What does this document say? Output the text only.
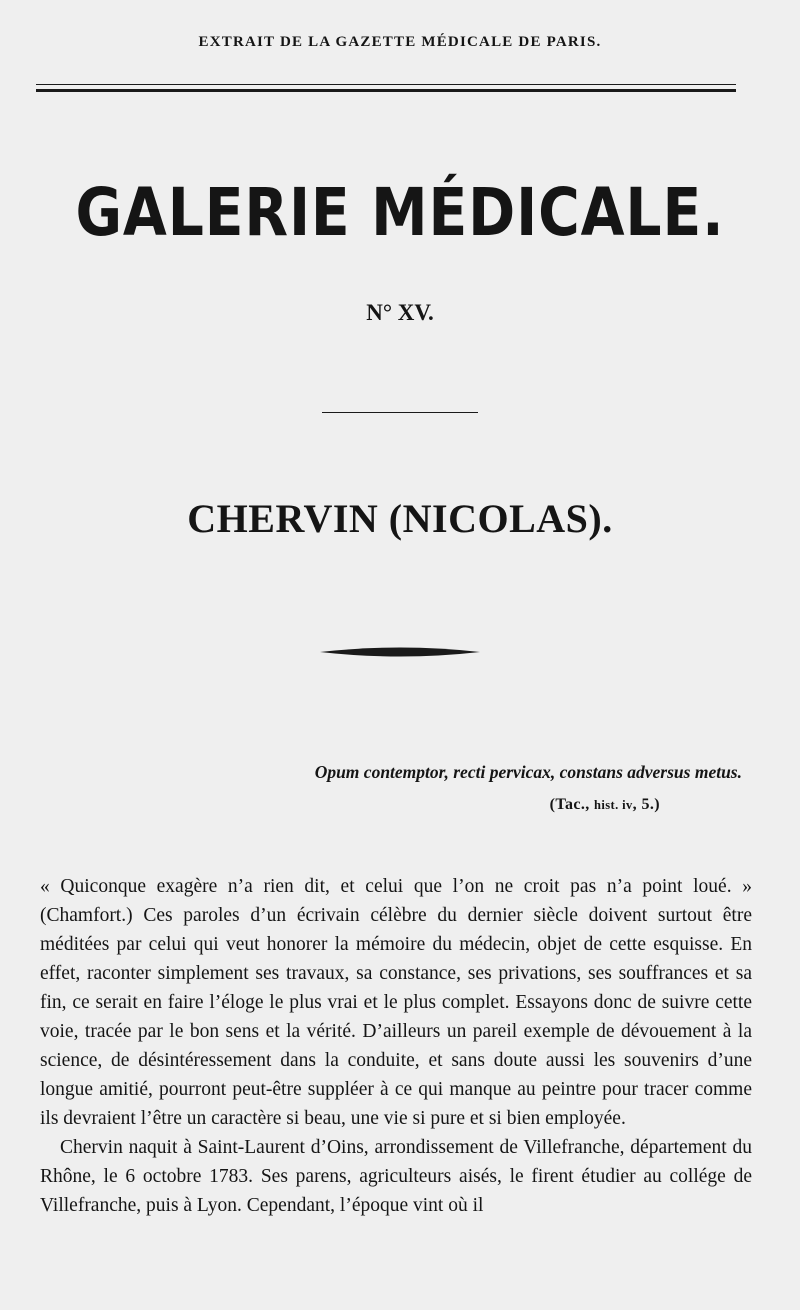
EXTRAIT DE LA GAZETTE MÉDICALE DE PARIS.
GALERIE MÉDICALE.
N° XV.
CHERVIN (NICOLAS).
Opum contemptor, recti pervicax, constans adversus metus.
(Tac., hist. iv, 5.)

« Quiconque exagère n’a rien dit, et celui que l’on ne croit pas n’a point loué. » (Chamfort.) Ces paroles d’un écrivain célèbre du dernier siècle doivent surtout être méditées par celui qui veut honorer la mémoire du médecin, objet de cette esquisse. En effet, raconter simplement ses travaux, sa constance, ses privations, ses souffrances et sa fin, ce serait en faire l’éloge le plus vrai et le plus complet. Essayons donc de suivre cette voie, tracée par le bon sens et la vérité. D’ailleurs un pareil exemple de dévouement à la science, de désintéressement dans la conduite, et sans doute aussi les souvenirs d’une longue amitié, pourront peut-être suppléer à ce qui manque au peintre pour tracer comme ils devraient l’être un caractère si beau, une vie si pure et si bien employée.

Chervin naquit à Saint-Laurent d’Oins, arrondissement de Villefranche, département du Rhône, le 6 octobre 1783. Ses parens, agriculteurs aisés, le firent étudier au collége de Villefranche, puis à Lyon. Cependant, l’époque vint où il
